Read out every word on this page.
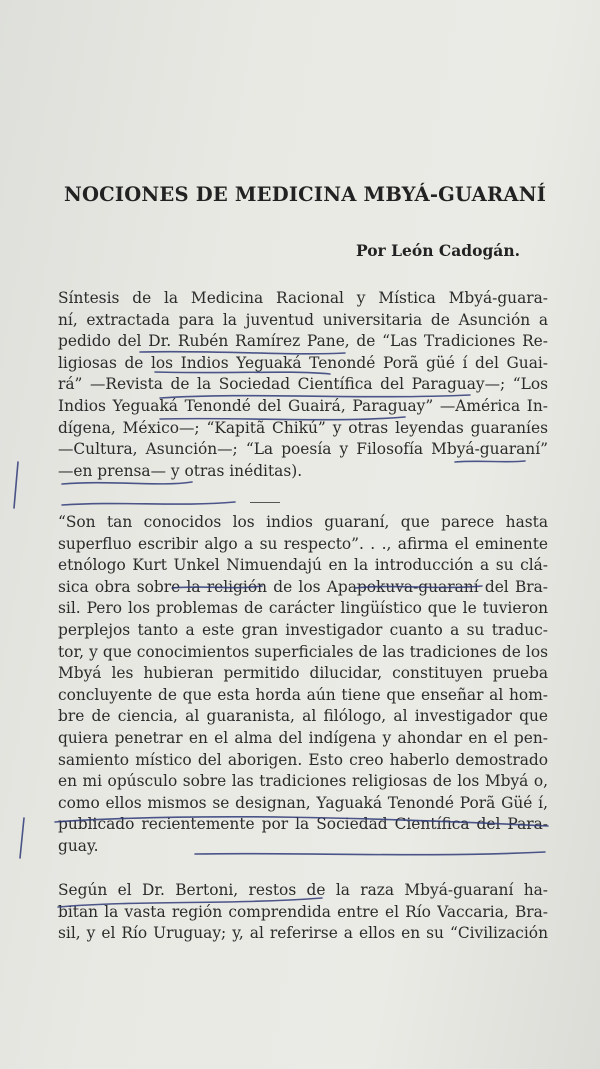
NOCIONES DE MEDICINA MBYÁ-GUARANÍ
Por León Cadogán.
Síntesis de la Medicina Racional y Mística Mbyá-guara-
ní, extractada para la juventud universitaria de Asunción a
pedido del Dr. Rubén Ramírez Pane, de “Las Tradiciones Re-
ligiosas de los Indios Yeguaká Tenondé Porã güé í del Guai-
rá” —Revista de la Sociedad Científica del Paraguay—; “Los
Indios Yeguaká Tenondé del Guairá, Paraguay” —América In-
dígena, México—; “Kapitã Chikú” y otras leyendas guaraníes
—Cultura, Asunción—; “La poesía y Filosofía Mbyá-guaraní”
—en prensa— y otras inéditas).
“Son tan conocidos los indios guaraní, que parece hasta
superfluo escribir algo a su respecto”. . ., afirma el eminente
etnólogo Kurt Unkel Nimuendajú en la introducción a su clá-
sica obra sobre la religión de los Apapokuva-guaraní del Bra-
sil. Pero los problemas de carácter lingüístico que le tuvieron
perplejos tanto a este gran investigador cuanto a su traduc-
tor, y que conocimientos superficiales de las tradiciones de los
Mbyá les hubieran permitido dilucidar, constituyen prueba
concluyente de que esta horda aún tiene que enseñar al hom-
bre de ciencia, al guaranista, al filólogo, al investigador que
quiera penetrar en el alma del indígena y ahondar en el pen-
samiento místico del aborigen. Esto creo haberlo demostrado
en mi opúsculo sobre las tradiciones religiosas de los Mbyá o,
como ellos mismos se designan, Yaguaká Tenondé Porã Güé í,
publicado recientemente por la Sociedad Científica del Para-
guay.
Según el Dr. Bertoni, restos de la raza Mbyá-guaraní ha-
bitan la vasta región comprendida entre el Río Vaccaria, Bra-
sil, y el Río Uruguay; y, al referirse a ellos en su “Civilización
